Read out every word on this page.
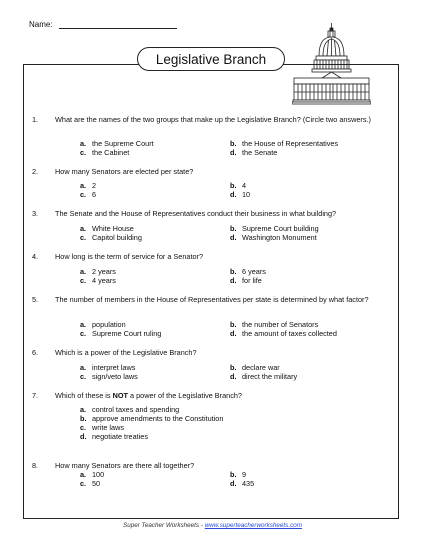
Name:
Legislative Branch
1. What are the names of the two groups that make up the Legislative Branch? (Circle two answers.)
a. the Supreme Court	b. the House of Representatives
c. the Cabinet	d. the Senate
2. How many Senators are elected per state?
a. 2	b. 4
c. 6	d. 10
3. The Senate and the House of Representatives conduct their business in what building?
a. White House	b. Supreme Court building
c. Capitol building	d. Washington Monument
4. How long is the term of service for a Senator?
a. 2 years	b. 6 years
c. 4 years	d. for life
5. The number of members in the House of Representatives per state is determined by what factor?
a. population	b. the number of Senators
c. Supreme Court ruling	d. the amount of taxes collected
6. Which is a power of the Legislative Branch?
a. interpret laws	b. declare war
c. sign/veto laws	d. direct the military
7. Which of these is NOT a power of the Legislative Branch?
a. control taxes and spending
b. approve amendments to the Constitution
c. write laws
d. negotiate treaties
8. How many Senators are there all together?
a. 100	b. 9
c. 50	d. 435
Super Teacher Worksheets - www.superteacherworksheets.com
